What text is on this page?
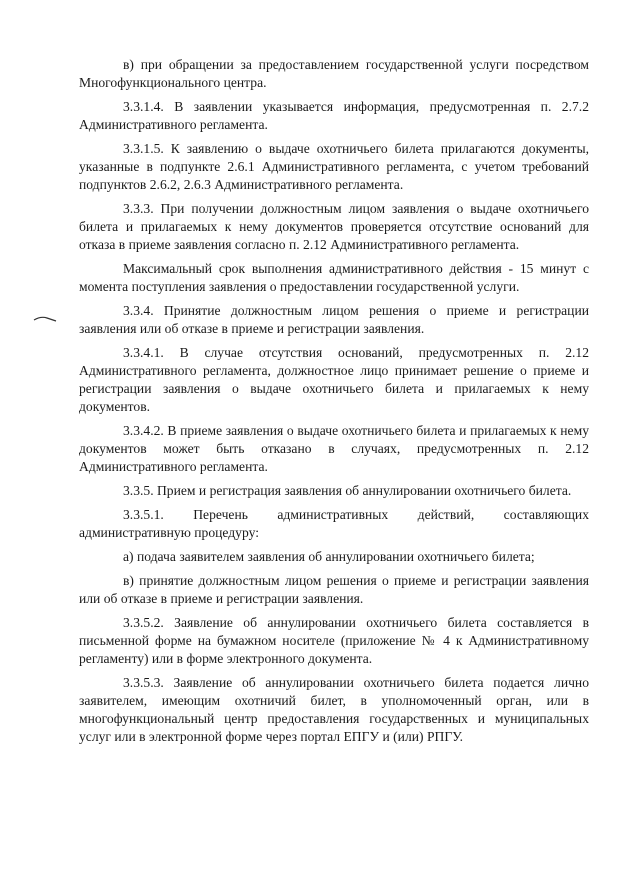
в) при обращении за предоставлением государственной услуги посредством Многофункционального центра.

3.3.1.4. В заявлении указывается информация, предусмотренная п. 2.7.2 Административного регламента.

3.3.1.5. К заявлению о выдаче охотничьего билета прилагаются документы, указанные в подпункте 2.6.1 Административного регламента, с учетом требований подпунктов 2.6.2, 2.6.3 Административного регламента.

3.3.3. При получении должностным лицом заявления о выдаче охотничьего билета и прилагаемых к нему документов проверяется отсутствие оснований для отказа в приеме заявления согласно п. 2.12 Административного регламента.

Максимальный срок выполнения административного действия - 15 минут с момента поступления заявления о предоставлении государственной услуги.

3.3.4. Принятие должностным лицом решения о приеме и регистрации заявления или об отказе в приеме и регистрации заявления.

3.3.4.1. В случае отсутствия оснований, предусмотренных п. 2.12 Административного регламента, должностное лицо принимает решение о приеме и регистрации заявления о выдаче охотничьего билета и прилагаемых к нему документов.

3.3.4.2. В приеме заявления о выдаче охотничьего билета и прилагаемых к нему документов может быть отказано в случаях, предусмотренных п. 2.12 Административного регламента.

3.3.5. Прием и регистрация заявления об аннулировании охотничьего билета.

3.3.5.1. Перечень административных действий, составляющих административную процедуру:

а) подача заявителем заявления об аннулировании охотничьего билета;

в) принятие должностным лицом решения о приеме и регистрации заявления или об отказе в приеме и регистрации заявления.

3.3.5.2. Заявление об аннулировании охотничьего билета составляется в письменной форме на бумажном носителе (приложение № 4 к Административному регламенту) или в форме электронного документа.

3.3.5.3. Заявление об аннулировании охотничьего билета подается лично заявителем, имеющим охотничий билет, в уполномоченный орган, или в многофункциональный центр предоставления государственных и муниципальных услуг или в электронной форме через портал ЕПГУ и (или) РПГУ.
